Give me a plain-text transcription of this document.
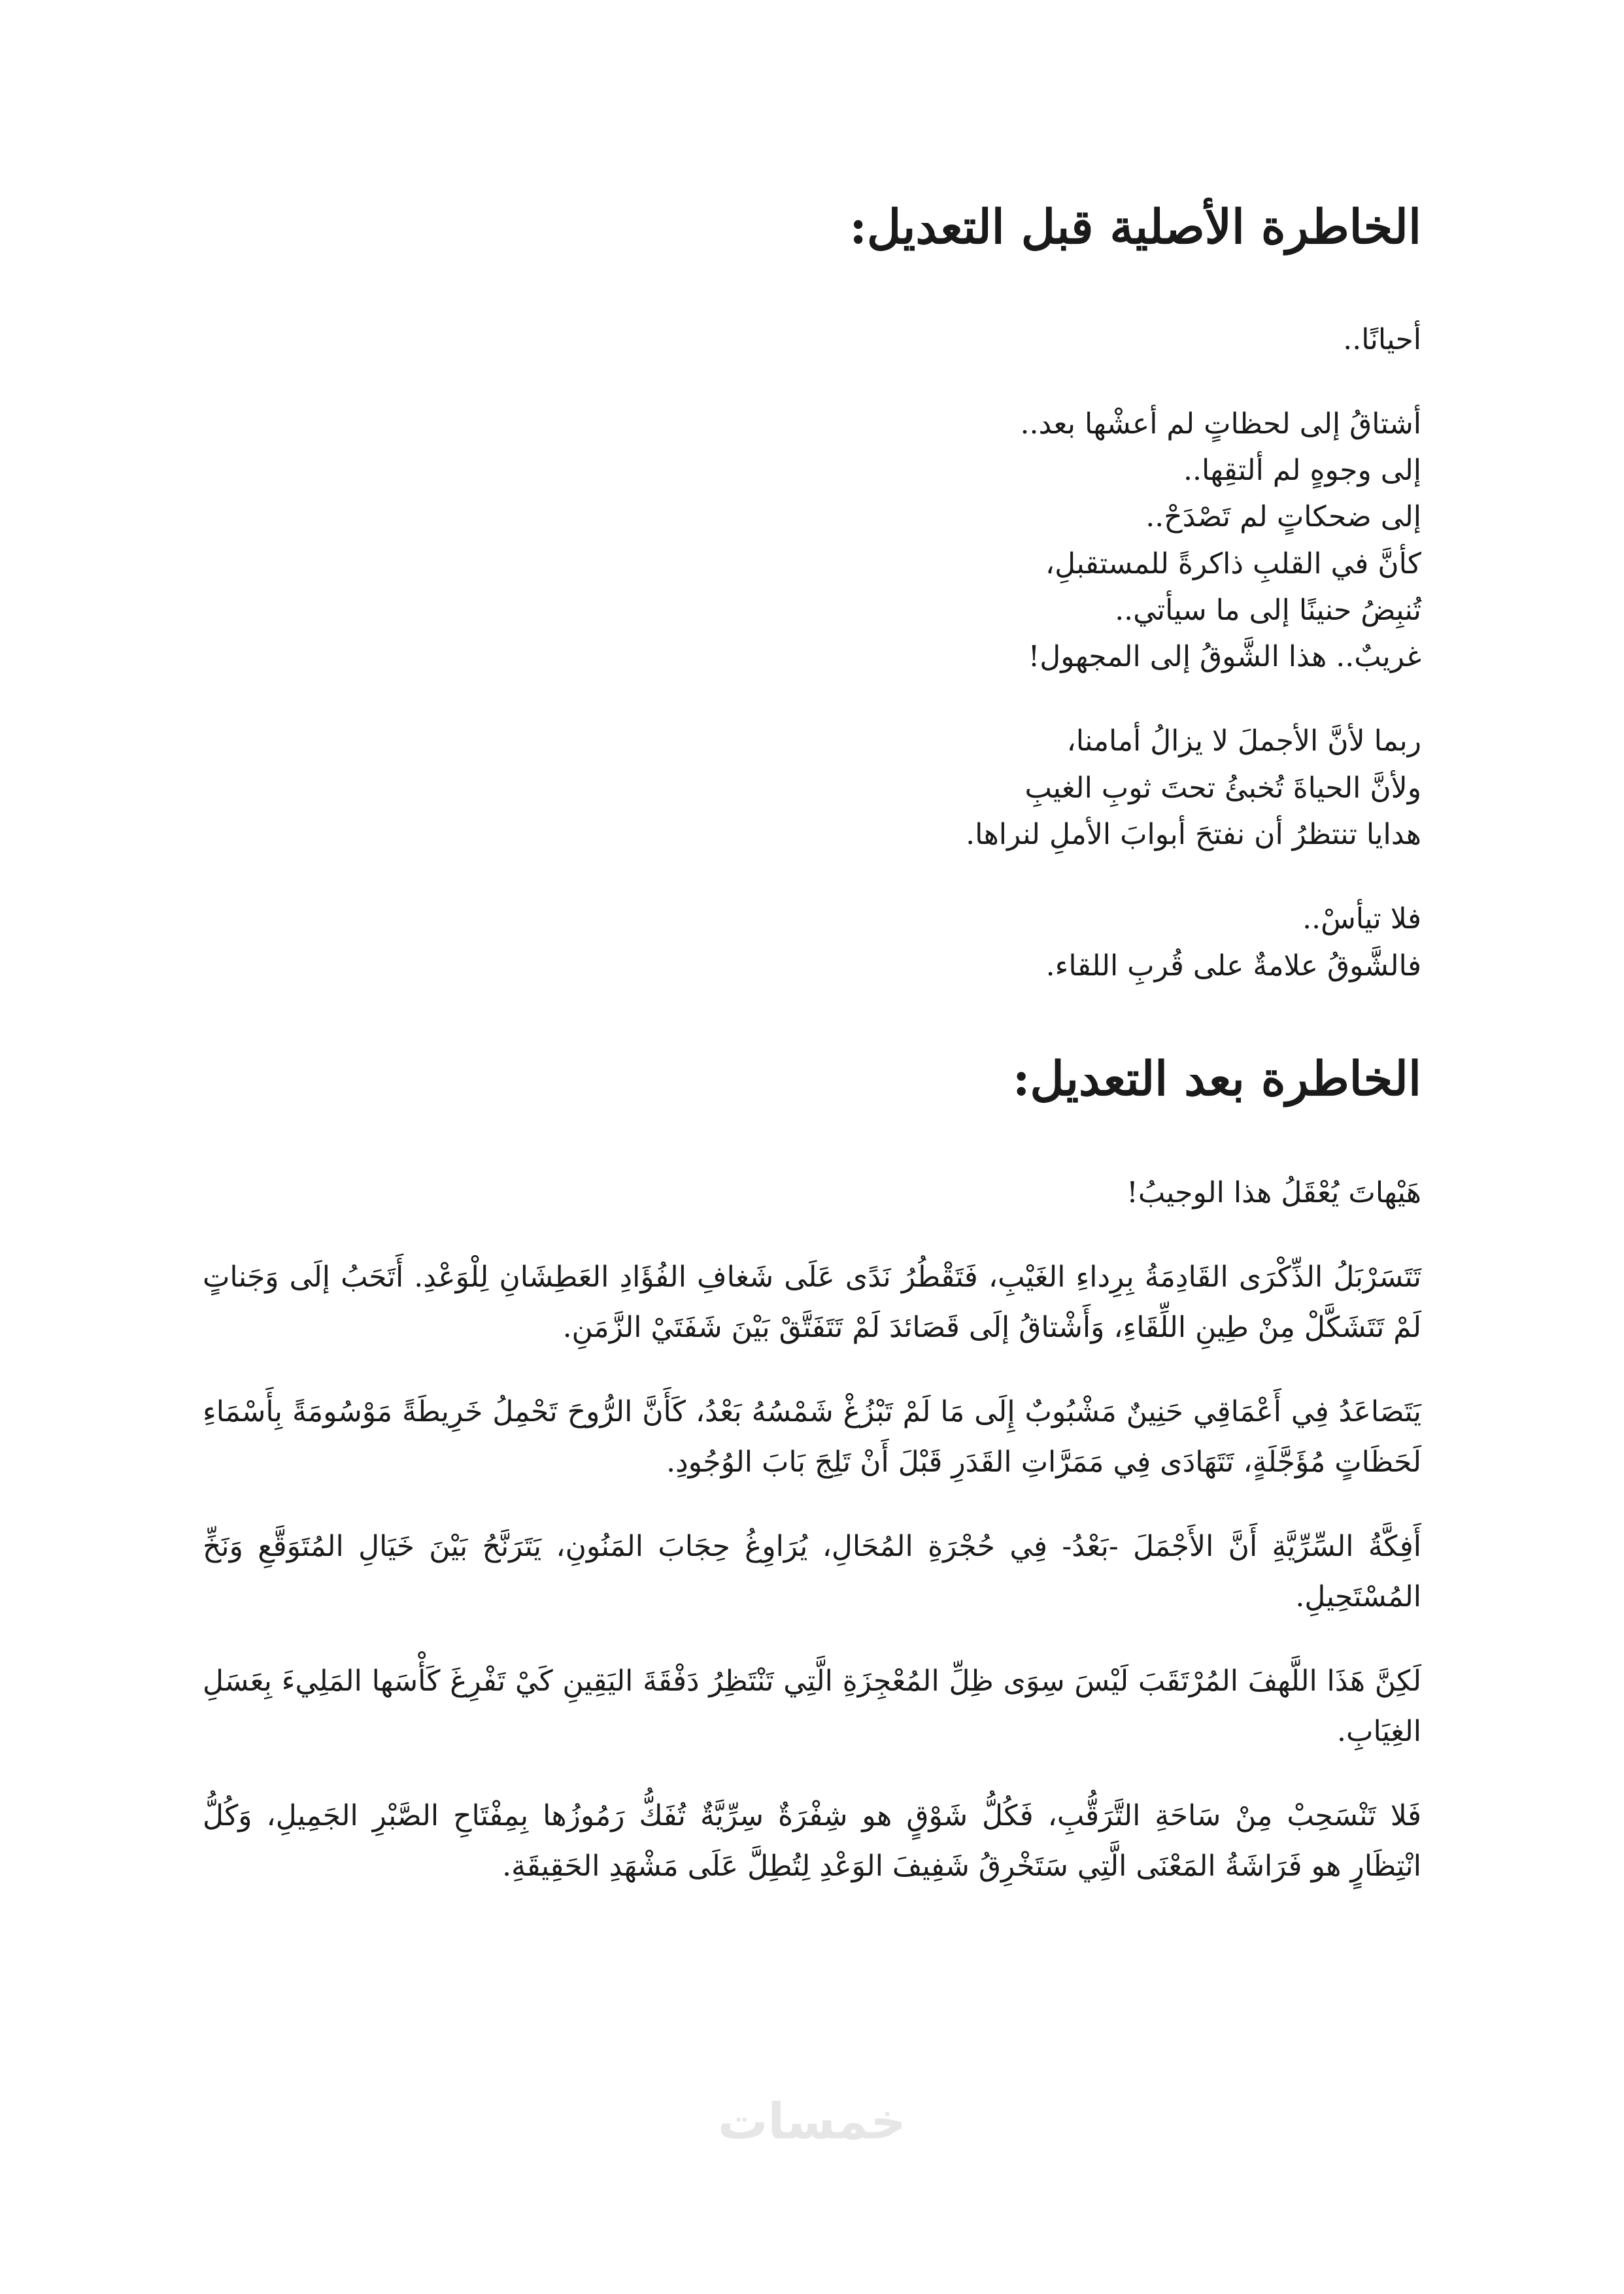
الخاطرة الأصلية قبل التعديل:
أحيانًا..
أشتاقُ إلى لحظاتٍ لم أعشْها بعد..
إلى وجوهٍ لم ألتقِها..
إلى ضحكاتٍ لم تَصْدَحْ..
كأنَّ في القلبِ ذاكرةً للمستقبلِ،
تُنبِضُ حنينًا إلى ما سيأتي..
غريبٌ.. هذا الشَّوقُ إلى المجهول!
ربما لأنَّ الأجملَ لا يزالُ أمامنا،
ولأنَّ الحياةَ تُخبئُ تحتَ ثوبِ الغيبِ
هدايا تنتظرُ أن نفتحَ أبوابَ الأملِ لنراها.
فلا تيأسْ..
فالشَّوقُ علامةٌ على قُربِ اللقاء.
الخاطرة بعد التعديل:

هَيْهاتَ يُعْقَلُ هذا الوجيبُ!

تَتَسَرْبَلُ الذِّكْرَى القَادِمَةُ بِرِداءِ الغَيْبِ، فَتَقْطُرُ نَدًى عَلَى شَغافِ الفُؤَادِ العَطِشَانِ لِلْوَعْدِ. أَتَحَبُ إلَى وَجَناتٍ لَمْ تَتَشَكَّلْ مِنْ طِينِ اللِّقَاءِ، وَأَشْتاقُ إلَى قَصَائدَ لَمْ تَتَفَتَّقْ بَيْنَ شَفَتَيْ الزَّمَنِ.

يَتَصَاعَدُ فِي أَعْمَاقِي حَنِينٌ مَشْبُوبٌ إِلَى مَا لَمْ تَبْزُغْ شَمْسُهُ بَعْدُ، كَأَنَّ الرُّوحَ تَحْمِلُ خَرِيطَةً مَوْسُومَةً بِأَسْمَاءِ لَحَظَاتٍ مُؤَجَّلَةٍ، تَتَهَادَى فِي مَمَرَّاتِ القَدَرِ قَبْلَ أَنْ تَلِجَ بَابَ الوُجُودِ.

أَفِكَّةُ السِّرِّيَّةِ أَنَّ الأَجْمَلَ -بَعْدُ- فِي حُجْرَةِ المُحَالِ، يُرَاوِغُ حِجَابَ المَنُونِ، يَتَرَنَّحُ بَيْنَ خَيَالِ المُتَوَقَّعِ وَنَخِّ المُسْتَحِيلِ.

لَكِنَّ هَذَا اللَّهفَ المُرْتَقَبَ لَيْسَ سِوَى ظِلِّ المُعْجِزَةِ الَّتِي تَنْتَظِرُ دَفْقَةَ اليَقِينِ كَيْ تَفْرِغَ كَأْسَها المَلِيءَ بِعَسَلِ الغِيَابِ.

فَلا تَنْسَحِبْ مِنْ سَاحَةِ التَّرَقُّبِ، فَكُلُّ شَوْقٍ هو شِفْرَةٌ سِرِّيَّةٌ تُفَكُّ رَمُوزُها بِمِفْتَاحِ الصَّبْرِ الجَمِيلِ، وَكُلُّ انْتِظَارٍ هو فَرَاشَةُ المَعْنَى الَّتِي سَتَخْرِقُ شَفِيفَ الوَعْدِ لِتُطِلَّ عَلَى مَشْهَدِ الحَقِيقَةِ.

خمسات
